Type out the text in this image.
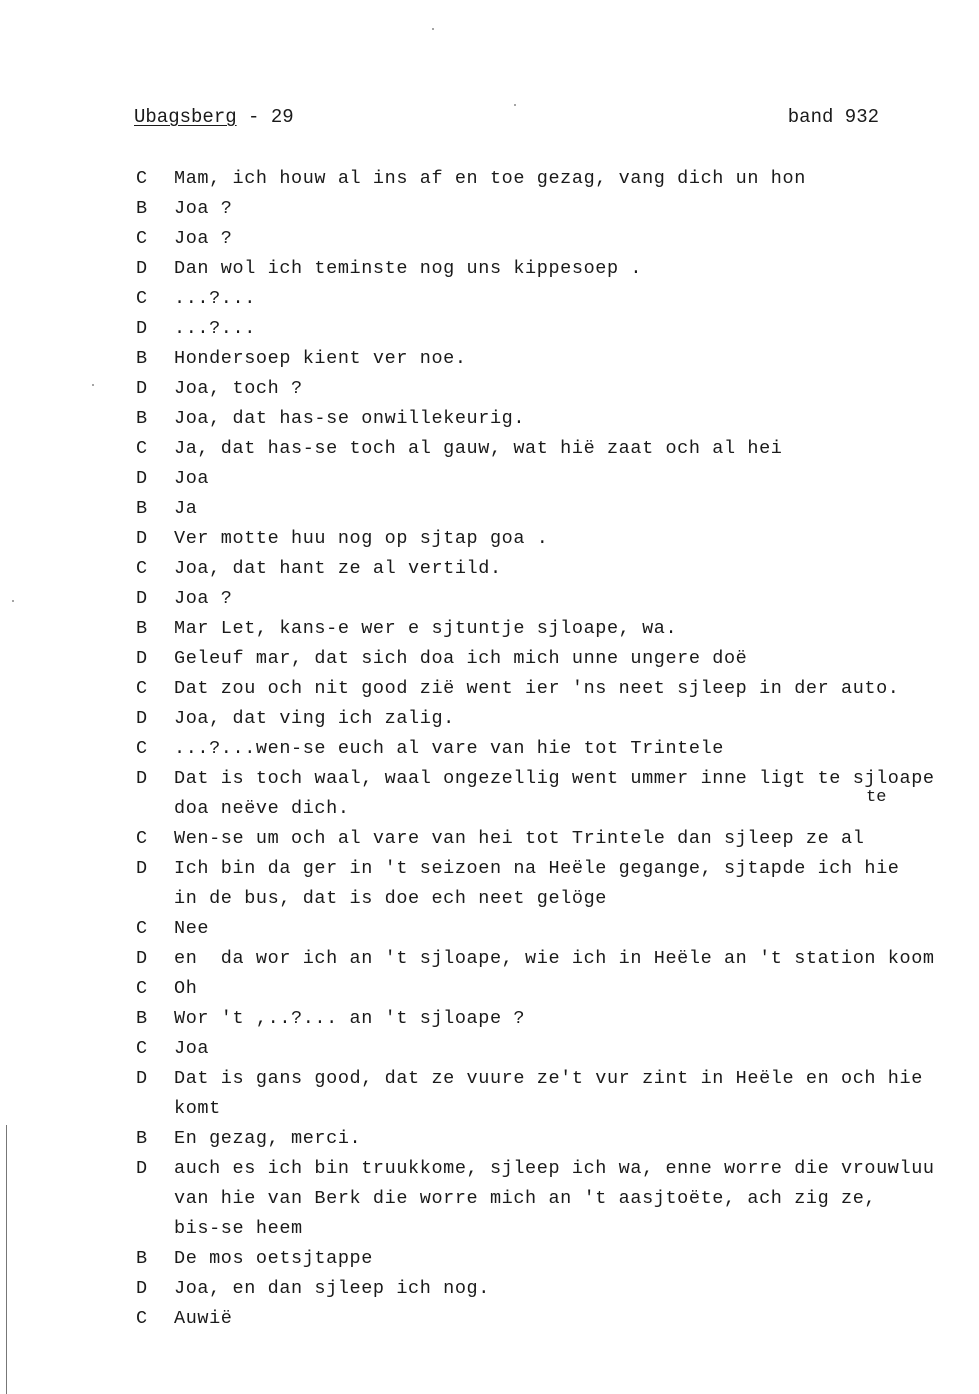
Ubagsberg - 29	band 932
C	Mam, ich houw al ins af en toe gezag, vang dich un hon
B	Joa ?
C	Joa ?
D	Dan wol ich teminste nog uns kippesoep .
C	...?...
D	...?...
B	Hondersoep kient ver noe.
D	Joa, toch ?
B	Joa, dat has-se onwillekeurig.
C	Ja, dat has-se toch al gauw, wat hië zaat och al hei
D	Joa
B	Ja
D	Ver motte huu nog op sjtap goa .
C	Joa, dat hant ze al vertild.
D	Joa ?
B	Mar Let, kans-e wer e sjtuntje sjloape, wa.
D	Geleuf mar, dat sich doa ich mich unne ungere doë
C	Dat zou och nit good zië went ier 'ns neet sjleep in der auto.
D	Joa, dat ving ich zalig.
C	...?...wen-se euch al vare van hie tot Trintele
D	Dat is toch waal, waal ongezellig went ummer inne ligt te sjloape
doa neëve dich.
C	Wen-se um och al vare van hei tot Trintele dan sjleep ze al
D	Ich bin da ger in 't seizoen na Heële gegange, sjtapde ich hie
in de bus, dat is doe ech neet gelöge
C	Nee
D	en  da wor ich an 't sjloape, wie ich in Heële an 't station koom
C	Oh
B	Wor 't ,..?... an 't sjloape ?
C	Joa
D	Dat is gans good, dat ze vuure ze't vur zint in Heële en och hie
komt
B	En gezag, merci.
D	auch es ich bin truukkome, sjleep ich wa, enne worre die vrouwluu
van hie van Berk die worre mich an 't aasjtoëte, ach zig ze,
bis-se heem
B	De mos oetsjtappe
D	Joa, en dan sjleep ich nog.
C	Auwië
te
